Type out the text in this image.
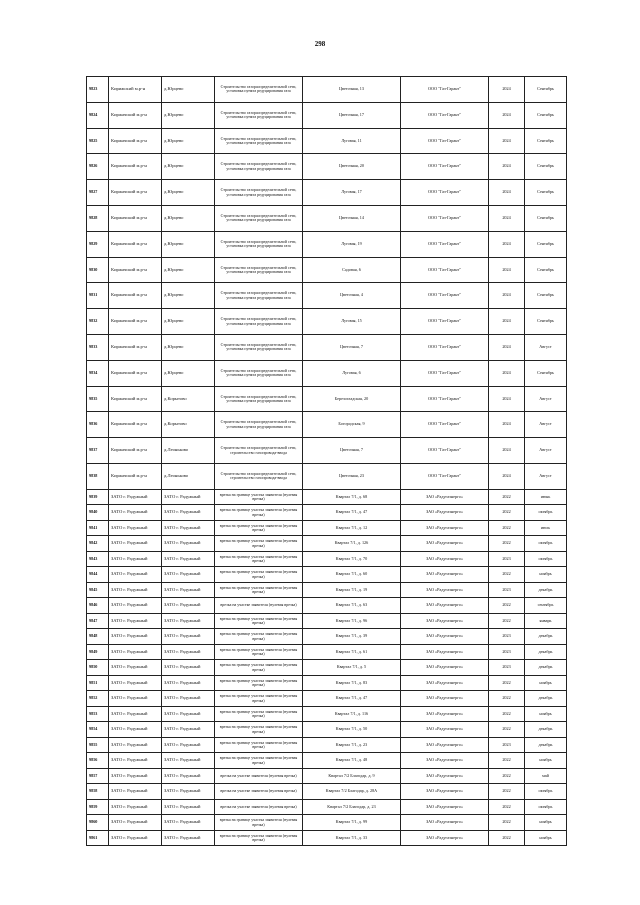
298
9823	Кирижский м.р-н	д.Юрцево	Строительство газораспределительной сети, установка пункта редуцирования газа	Цветочная, 13	ООО "Газ-Гарант"	2024	Сентябрь
9824	Киржачский м.р-н	д.Юрцево	Строительство газораспределительной сети, установка пункта редуцирования газа	Цветочная, 17	ООО "Газ-Гарант"	2024	Сентябрь
9825	Киржачский м.р-н	д.Юрцево	Строительство газораспределительной сети, установка пункта редуцирования газа	Луговая, 11	ООО "Газ-Гарант"	2024	Сентябрь
9826	Киржачский м.р-н	д.Юрцево	Строительство газораспределительной сети, установка пункта редуцирования газа	Цветочная, 20	ООО "Газ-Гарант"	2024	Сентябрь
9827	Киржачский м.р-н	д.Юрцево	Строительство газораспределительной сети, установка пункта редуцирования газа	Луговая, 17	ООО "Газ-Гарант"	2024	Сентябрь
9828	Киржачский м.р-н	д.Юрцево	Строительство газораспределительной сети, установка пункта редуцирования газа	Цветочная, 14	ООО "Газ-Гарант"	2024	Сентябрь
9829	Киржачский м.р-н	д.Юрцево	Строительство газораспределительной сети, установка пункта редуцирования газа	Луговая, 19	ООО "Газ-Гарант"	2024	Сентябрь
9830	Киржачский м.р-н	д.Юрцево	Строительство газораспределительной сети, установка пункта редуцирования газа	Садовая, 6	ООО "Газ-Гарант"	2024	Сентябрь
9831	Киржачский м.р-н	д.Юрцево	Строительство газораспределительной сети, установка пункта редуцирования газа	Цветочная, 4	ООО "Газ-Гарант"	2024	Сентябрь
9832	Киржачский м.р-н	д.Юрцево	Строительство газораспределительной сети, установка пункта редуцирования газа	Луговая, 15	ООО "Газ-Гарант"	2024	Сентябрь
9833	Киржачский м.р-н	д.Юрцево	Строительство газораспределительной сети, установка пункта редуцирования газа	Цветочная, 7	ООО "Газ-Гарант"	2024	Август
9834	Киржачский м.р-н	д.Юрцево	Строительство газораспределительной сети, установка пункта редуцирования газа	Луговая, 6	ООО "Газ-Гарант"	2024	Сентябрь
9835	Киржачский м.р-н	д.Корытово	Строительство газораспределительной сети, установка пункта редуцирования газа	Березогладская, 20	ООО "Газ-Гарант"	2024	Август
9836	Киржачский м.р-н	д.Корытово	Строительство газораспределительной сети, установка пункта редуцирования газа	Богородская, 9	ООО "Газ-Гарант"	2024	Август
9837	Киржачский м.р-н	д.Леоньково	Строительство газораспределительной сети, строительство газопровода-ввода	Цветочная, 7	ООО "Газ-Гарант"	2024	Август
9838	Киржачский м.р-н	д.Леоньково	Строительство газораспределительной сети, строительство газопровода-ввода	Цветочная, 23	ООО "Газ-Гарант"	2024	Август
9839	ЗАТО г. Радужный	ЗАТО г. Радужный	врезка на границе участка заявителя (нулевая врезка)	Квартал 7/1, д. 68	ЗАО «Радугаэнерго»	2022	июнь
9840	ЗАТО г. Радужный	ЗАТО г. Радужный	врезка на границе участка заявителя (нулевая врезка)	Квартал 7/1, д. 47	ЗАО «Радугаэнерго»	2022	октябрь
9841	ЗАТО г. Радужный	ЗАТО г. Радужный	врезка на границе участка заявителя (нулевая врезка)	Квартал 7/1, д. 12	ЗАО «Радугаэнерго»	2022	июль
9842	ЗАТО г. Радужный	ЗАТО г. Радужный	врезка на границе участка заявителя (нулевая врезка)	Квартал 7/1, д. 126	ЗАО «Радугаэнерго»	2022	октябрь
9843	ЗАТО г. Радужный	ЗАТО г. Радужный	врезка на границе участка заявителя (нулевая врезка)	Квартал 7/1, д. 70	ЗАО «Радугаэнерго»	2023	октябрь
9844	ЗАТО г. Радужный	ЗАТО г. Радужный	врезка на границе участка заявителя (нулевая врезка)	Квартал 7/1, д. 60	ЗАО «Радугаэнерго»	2022	ноябрь
9845	ЗАТО г. Радужный	ЗАТО г. Радужный	врезка на границе участка заявителя (нулевая врезка)	Квартал 7/1, д. 19	ЗАО «Радугаэнерго»	2023	декабрь
9846	ЗАТО г. Радужный	ЗАТО г. Радужный	врезка на участке заявителя (нулевая врезка)	Квартал 7/1, д. 63	ЗАО «Радугаэнерго»	2022	сентябрь
9847	ЗАТО г. Радужный	ЗАТО г. Радужный	врезка на границе участка заявителя (нулевая врезка)	Квартал 7/1, д. 96	ЗАО «Радугаэнерго»	2022	январь
9848	ЗАТО г. Радужный	ЗАТО г. Радужный	врезка на границе участка заявителя (нулевая врезка)	Квартал 7/1, д. 39	ЗАО «Радугаэнерго»	2023	декабрь
9849	ЗАТО г. Радужный	ЗАТО г. Радужный	врезка на границе участка заявителя (нулевая врезка)	Квартал 7/1, д. 61	ЗАО «Радугаэнерго»	2023	декабрь
9850	ЗАТО г. Радужный	ЗАТО г. Радужный	врезка на границе участка заявителя (нулевая врезка)	Квартал 7/1, д. 5	ЗАО «Радугаэнерго»	2023	декабрь
9851	ЗАТО г. Радужный	ЗАТО г. Радужный	врезка на границе участка заявителя (нулевая врезка)	Квартал 7/1, д. 83	ЗАО «Радугаэнерго»	2022	ноябрь
9852	ЗАТО г. Радужный	ЗАТО г. Радужный	врезка на границе участка заявителя (нулевая врезка)	Квартал 7/1, д. 47	ЗАО «Радугаэнерго»	2022	декабрь
9853	ЗАТО г. Радужный	ЗАТО г. Радужный	врезка на границе участка заявителя (нулевая врезка)	Квартал 7/1, д. 116	ЗАО «Радугаэнерго»	2022	ноябрь
9854	ЗАТО г. Радужный	ЗАТО г. Радужный	врезка на границе участка заявителя (нулевая врезка)	Квартал 7/1, д. 50	ЗАО «Радугаэнерго»	2022	декабрь
9855	ЗАТО г. Радужный	ЗАТО г. Радужный	врезка на границе участка заявителя (нулевая врезка)	Квартал 7/1, д. 23	ЗАО «Радугаэнерго»	2023	декабрь
9856	ЗАТО г. Радужный	ЗАТО г. Радужный	врезка на границе участка заявителя (нулевая врезка)	Квартал 7/1, д. 48	ЗАО «Радугаэнерго»	2022	ноябрь
9857	ЗАТО г. Радужный	ЗАТО г. Радужный	врезка на участке заявителя (нулевая врезка)	Квартал 7/2 Благодар, д. 9	ЗАО «Радугаэнерго»	2022	май
9858	ЗАТО г. Радужный	ЗАТО г. Радужный	врезка на участке заявителя (нулевая врезка)	Квартал 7/2 Благодар, д. 28А	ЗАО «Радугаэнерго»	2022	октябрь
9859	ЗАТО г. Радужный	ЗАТО г. Радужный	врезка на участке заявителя (нулевая врезка)	Квартал 7/2 Благодар, д. 23	ЗАО «Радугаэнерго»	2022	октябрь
9860	ЗАТО г. Радужный	ЗАТО г. Радужный	врезка на границе участка заявителя (нулевая врезка)	Квартал 7/1, д. 99	ЗАО «Радугаэнерго»	2022	ноябрь
9861	ЗАТО г. Радужный	ЗАТО г. Радужный	врезка на границе участка заявителя (нулевая врезка)	Квартал 7/1, д. 33	ЗАО «Радугаэнерго»	2022	ноябрь
